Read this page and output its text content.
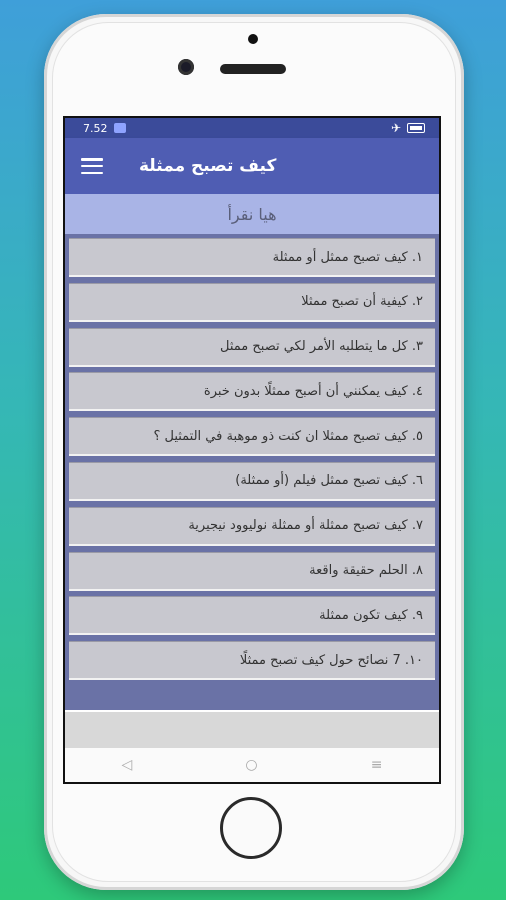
7.52	✈
كيف تصبح ممثلة
هيا نقرأ
١. كيف تصبح ممثل أو ممثلة
٢. كيفية أن تصبح ممثلا
٣. كل ما يتطلبه الأمر لكي تصبح ممثل
٤. كيف يمكنني أن أصبح ممثلًا بدون خبرة
٥. كيف تصبح ممثلا ان كنت ذو موهبة في التمثيل ؟
٦. كيف تصبح ممثل فيلم (أو ممثلة)
٧. كيف تصبح ممثلة أو ممثلة نوليوود نيجيرية
٨. الحلم حقيقة واقعة
٩. كيف تكون ممثلة
١٠. 7 نصائح حول كيف تصبح ممثلًا
◁	○	≡
